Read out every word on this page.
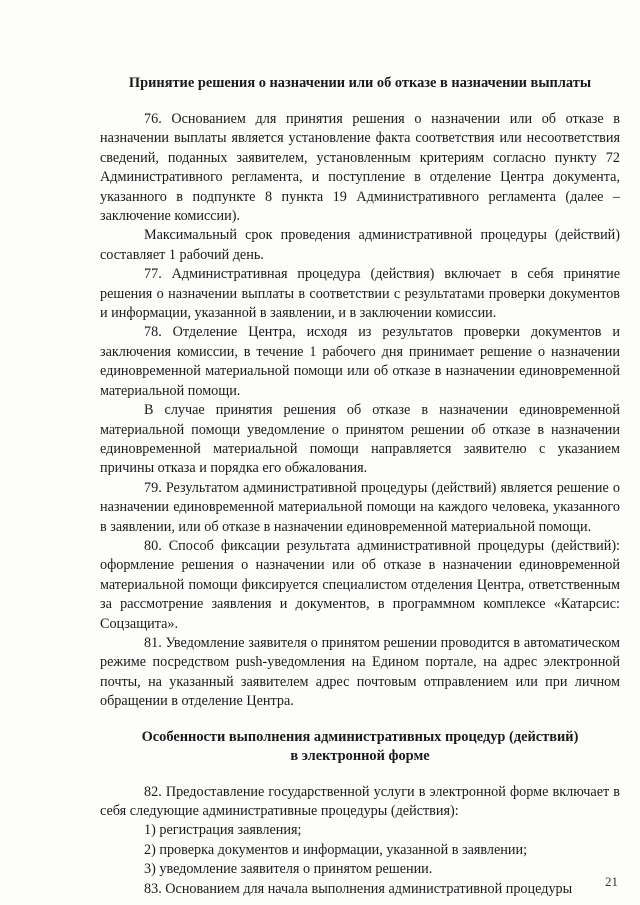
Принятие решения о назначении или об отказе в назначении выплаты

76. Основанием для принятия решения о назначении или об отказе в назначении выплаты является установление факта соответствия или несоответствия сведений, поданных заявителем, установленным критериям согласно пункту 72 Административного регламента, и поступление в отделение Центра документа, указанного в подпункте 8 пункта 19 Административного регламента (далее – заключение комиссии).

Максимальный срок проведения административной процедуры (действий) составляет 1 рабочий день.

77. Административная процедура (действия) включает в себя принятие решения о назначении выплаты в соответствии с результатами проверки документов и информации, указанной в заявлении, и в заключении комиссии.

78. Отделение Центра, исходя из результатов проверки документов и заключения комиссии, в течение 1 рабочего дня принимает решение о назначении единовременной материальной помощи или об отказе в назначении единовременной материальной помощи.

В случае принятия решения об отказе в назначении единовременной материальной помощи уведомление о принятом решении об отказе в назначении единовременной материальной помощи направляется заявителю с указанием причины отказа и порядка его обжалования.

79. Результатом административной процедуры (действий) является решение о назначении единовременной материальной помощи на каждого человека, указанного в заявлении, или об отказе в назначении единовременной материальной помощи.

80. Способ фиксации результата административной процедуры (действий): оформление решения о назначении или об отказе в назначении единовременной материальной помощи фиксируется специалистом отделения Центра, ответственным за рассмотрение заявления и документов, в программном комплексе «Катарсис: Соцзащита».

81. Уведомление заявителя о принятом решении проводится в автоматическом режиме посредством push-уведомления на Едином портале, на адрес электронной почты, на указанный заявителем адрес почтовым отправлением или при личном обращении в отделение Центра.

Особенности выполнения административных процедур (действий)
в электронной форме

82. Предоставление государственной услуги в электронной форме включает в себя следующие административные процедуры (действия):

1) регистрация заявления;
2) проверка документов и информации, указанной в заявлении;
3) уведомление заявителя о принятом решении.

83. Основанием для начала выполнения административной процедуры	21
